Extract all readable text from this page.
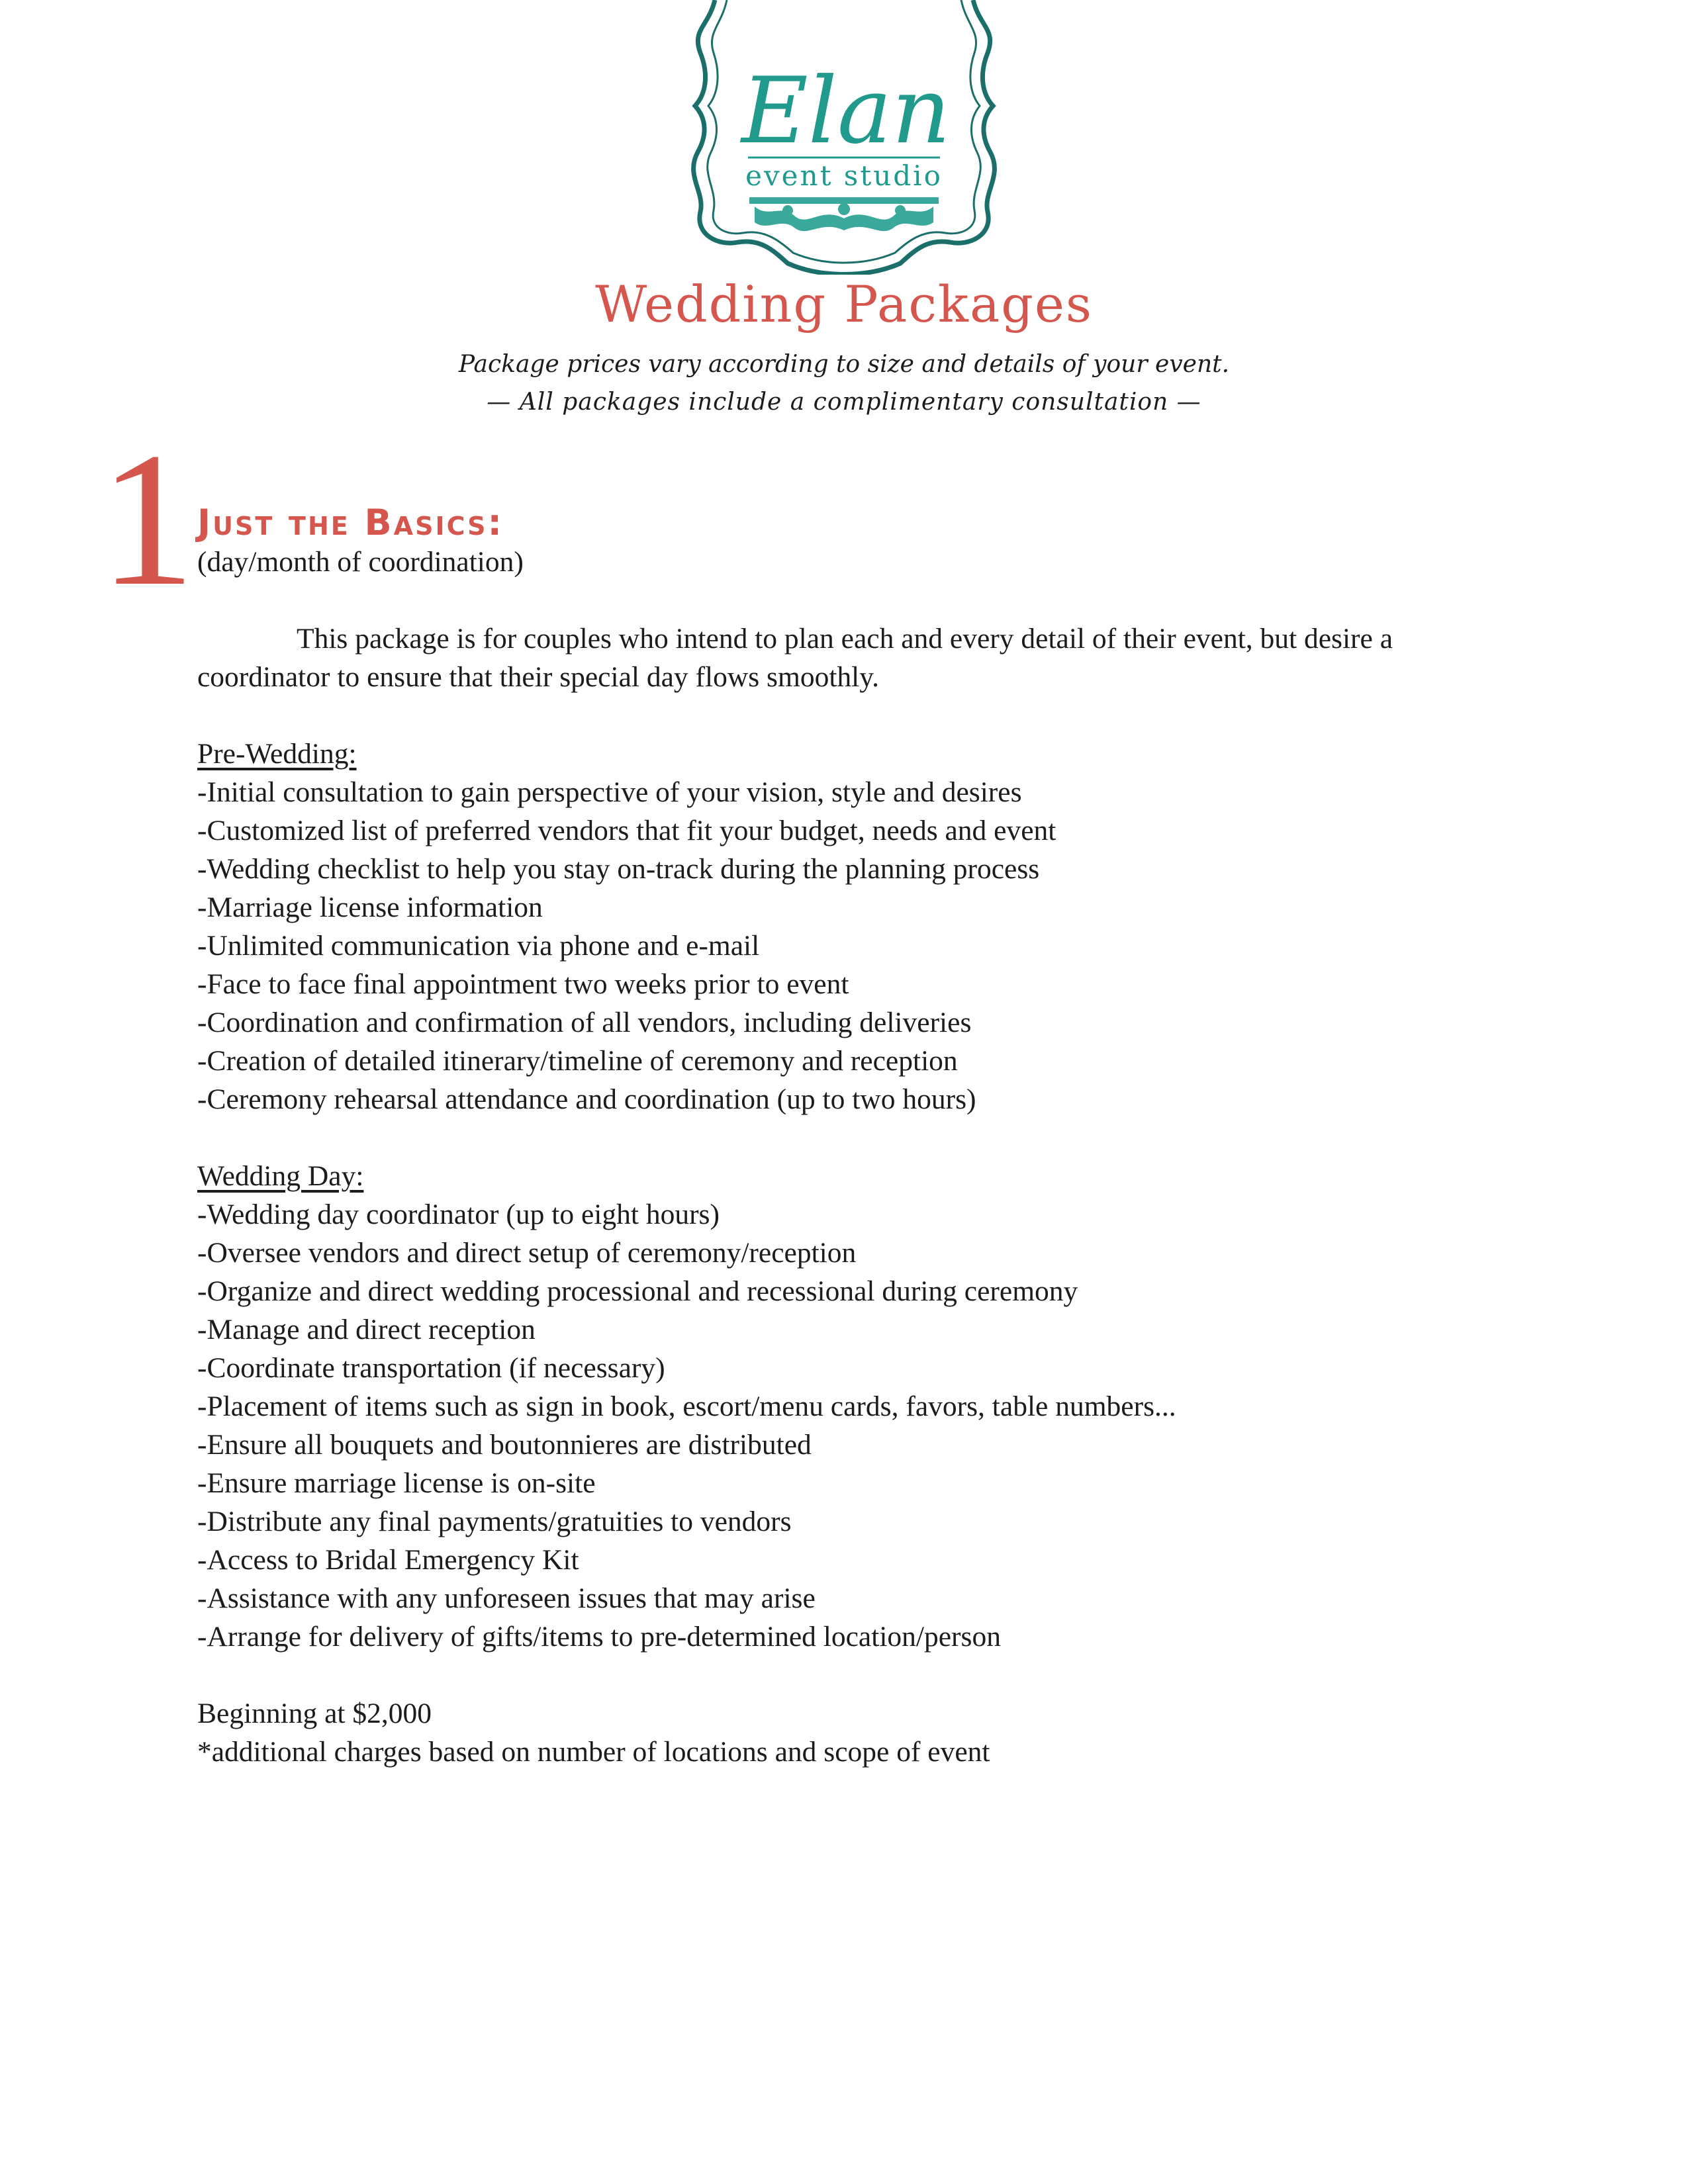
Elan
event studio
Wedding Packages
Package prices vary according to size and details of your event.
— All packages include a complimentary consultation —
1 Just the Basics:
(day/month of coordination)

This package is for couples who intend to plan each and every detail of their event, but desire a coordinator to ensure that their special day flows smoothly.

Pre-Wedding:
-Initial consultation to gain perspective of your vision, style and desires
-Customized list of preferred vendors that fit your budget, needs and event
-Wedding checklist to help you stay on-track during the planning process
-Marriage license information
-Unlimited communication via phone and e-mail
-Face to face final appointment two weeks prior to event
-Coordination and confirmation of all vendors, including deliveries
-Creation of detailed itinerary/timeline of ceremony and reception
-Ceremony rehearsal attendance and coordination (up to two hours)
Wedding Day:
-Wedding day coordinator (up to eight hours)
-Oversee vendors and direct setup of ceremony/reception
-Organize and direct wedding processional and recessional during ceremony
-Manage and direct reception
-Coordinate transportation (if necessary)
-Placement of items such as sign in book, escort/menu cards, favors, table numbers...
-Ensure all bouquets and boutonnieres are distributed
-Ensure marriage license is on-site
-Distribute any final payments/gratuities to vendors
-Access to Bridal Emergency Kit
-Assistance with any unforeseen issues that may arise
-Arrange for delivery of gifts/items to pre-determined location/person
Beginning at $2,000
*additional charges based on number of locations and scope of event
